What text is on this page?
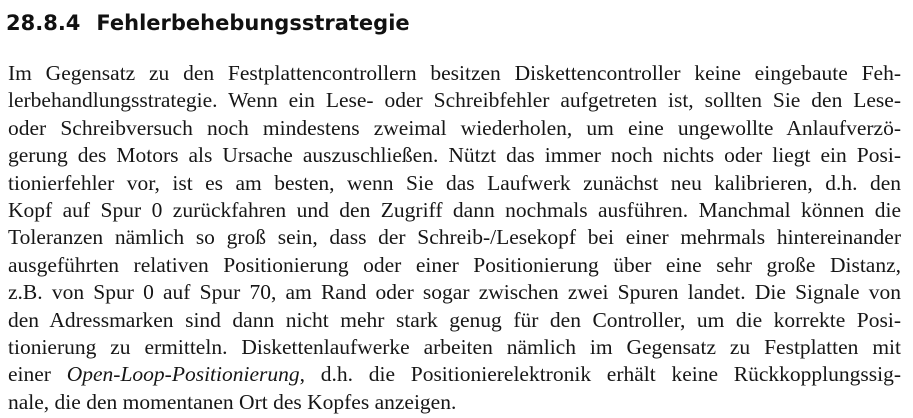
28.8.4 Fehlerbehebungsstrategie
Im Gegensatz zu den Festplattencontrollern besitzen Diskettencontroller keine eingebaute Feh-
lerbehandlungsstrategie. Wenn ein Lese- oder Schreibfehler aufgetreten ist, sollten Sie den Lese-
oder Schreibversuch noch mindestens zweimal wiederholen, um eine ungewollte Anlaufverzö-
gerung des Motors als Ursache auszuschließen. Nützt das immer noch nichts oder liegt ein Posi-
tionierfehler vor, ist es am besten, wenn Sie das Laufwerk zunächst neu kalibrieren, d.h. den
Kopf auf Spur 0 zurückfahren und den Zugriff dann nochmals ausführen. Manchmal können die
Toleranzen nämlich so groß sein, dass der Schreib-/Lesekopf bei einer mehrmals hintereinander
ausgeführten relativen Positionierung oder einer Positionierung über eine sehr große Distanz,
z.B. von Spur 0 auf Spur 70, am Rand oder sogar zwischen zwei Spuren landet. Die Signale von
den Adressmarken sind dann nicht mehr stark genug für den Controller, um die korrekte Posi-
tionierung zu ermitteln. Diskettenlaufwerke arbeiten nämlich im Gegensatz zu Festplatten mit
einer Open-Loop-Positionierung, d.h. die Positionierelektronik erhält keine Rückkopplungssig-
nale, die den momentanen Ort des Kopfes anzeigen.
